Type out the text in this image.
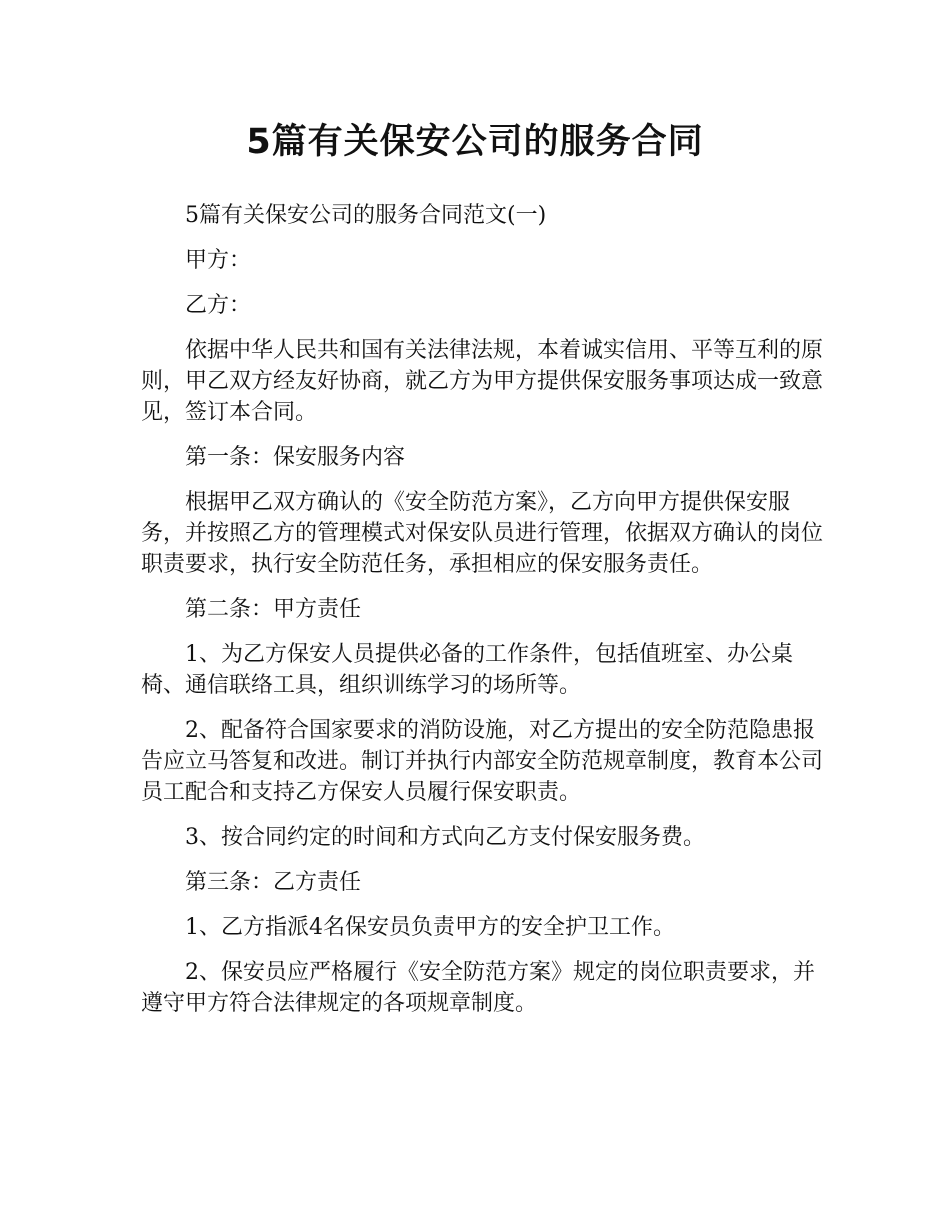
5篇有关保安公司的服务合同

5篇有关保安公司的服务合同范文(一)

甲方：

乙方：

依据中华人民共和国有关法律法规，本着诚实信用、平等互利的原则，甲乙双方经友好协商，就乙方为甲方提供保安服务事项达成一致意见，签订本合同。

第一条：保安服务内容

根据甲乙双方确认的《安全防范方案》，乙方向甲方提供保安服务，并按照乙方的管理模式对保安队员进行管理，依据双方确认的岗位职责要求，执行安全防范任务，承担相应的保安服务责任。

第二条：甲方责任

1、为乙方保安人员提供必备的工作条件，包括值班室、办公桌椅、通信联络工具，组织训练学习的场所等。

2、配备符合国家要求的消防设施，对乙方提出的安全防范隐患报告应立马答复和改进。制订并执行内部安全防范规章制度，教育本公司员工配合和支持乙方保安人员履行保安职责。

3、按合同约定的时间和方式向乙方支付保安服务费。

第三条：乙方责任

1、乙方指派4名保安员负责甲方的安全护卫工作。

2、保安员应严格履行《安全防范方案》规定的岗位职责要求，并遵守甲方符合法律规定的各项规章制度。
